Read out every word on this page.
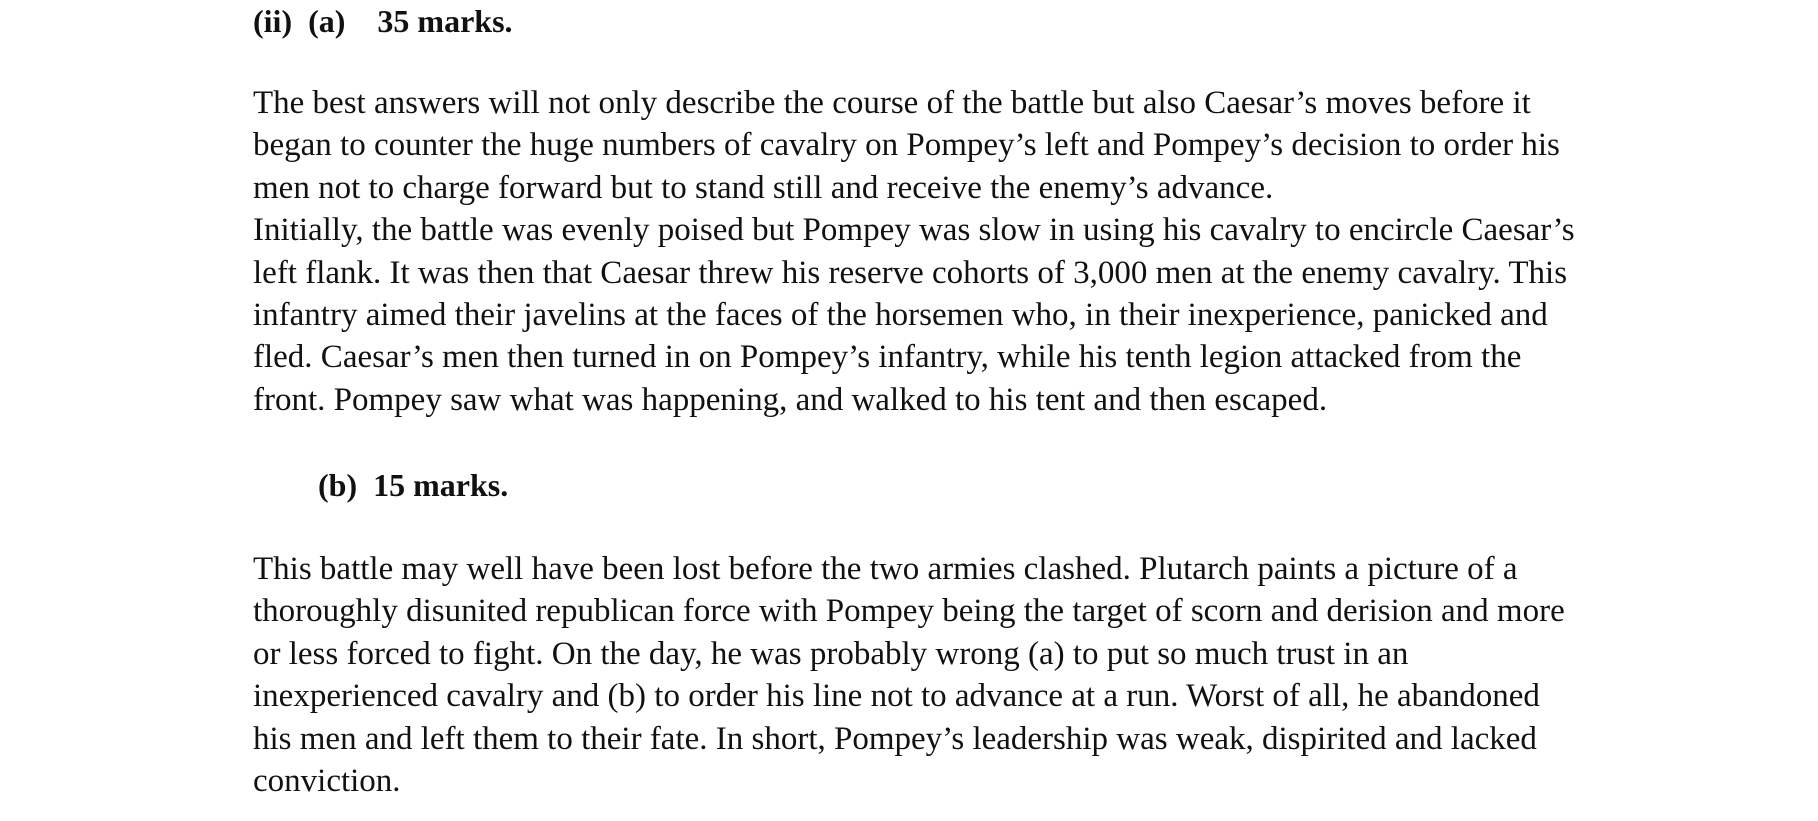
(ii)  (a)    35 marks.
The best answers will not only describe the course of the battle but also Caesar’s moves before it
began to counter the huge numbers of cavalry on Pompey’s left and Pompey’s decision to order his
men not to charge forward but to stand still and receive the enemy’s advance.
Initially, the battle was evenly poised but Pompey was slow in using his cavalry to encircle Caesar’s
left flank. It was then that Caesar threw his reserve cohorts of 3,000 men at the enemy cavalry. This
infantry aimed their javelins at the faces of the horsemen who, in their inexperience, panicked and
fled. Caesar’s men then turned in on Pompey’s infantry, while his tenth legion attacked from the
front. Pompey saw what was happening, and walked to his tent and then escaped.
(b)  15 marks.
This battle may well have been lost before the two armies clashed. Plutarch paints a picture of a
thoroughly disunited republican force with Pompey being the target of scorn and derision and more
or less forced to fight. On the day, he was probably wrong (a) to put so much trust in an
inexperienced cavalry and (b) to order his line not to advance at a run. Worst of all, he abandoned
his men and left them to their fate. In short, Pompey’s leadership was weak, dispirited and lacked
conviction.
